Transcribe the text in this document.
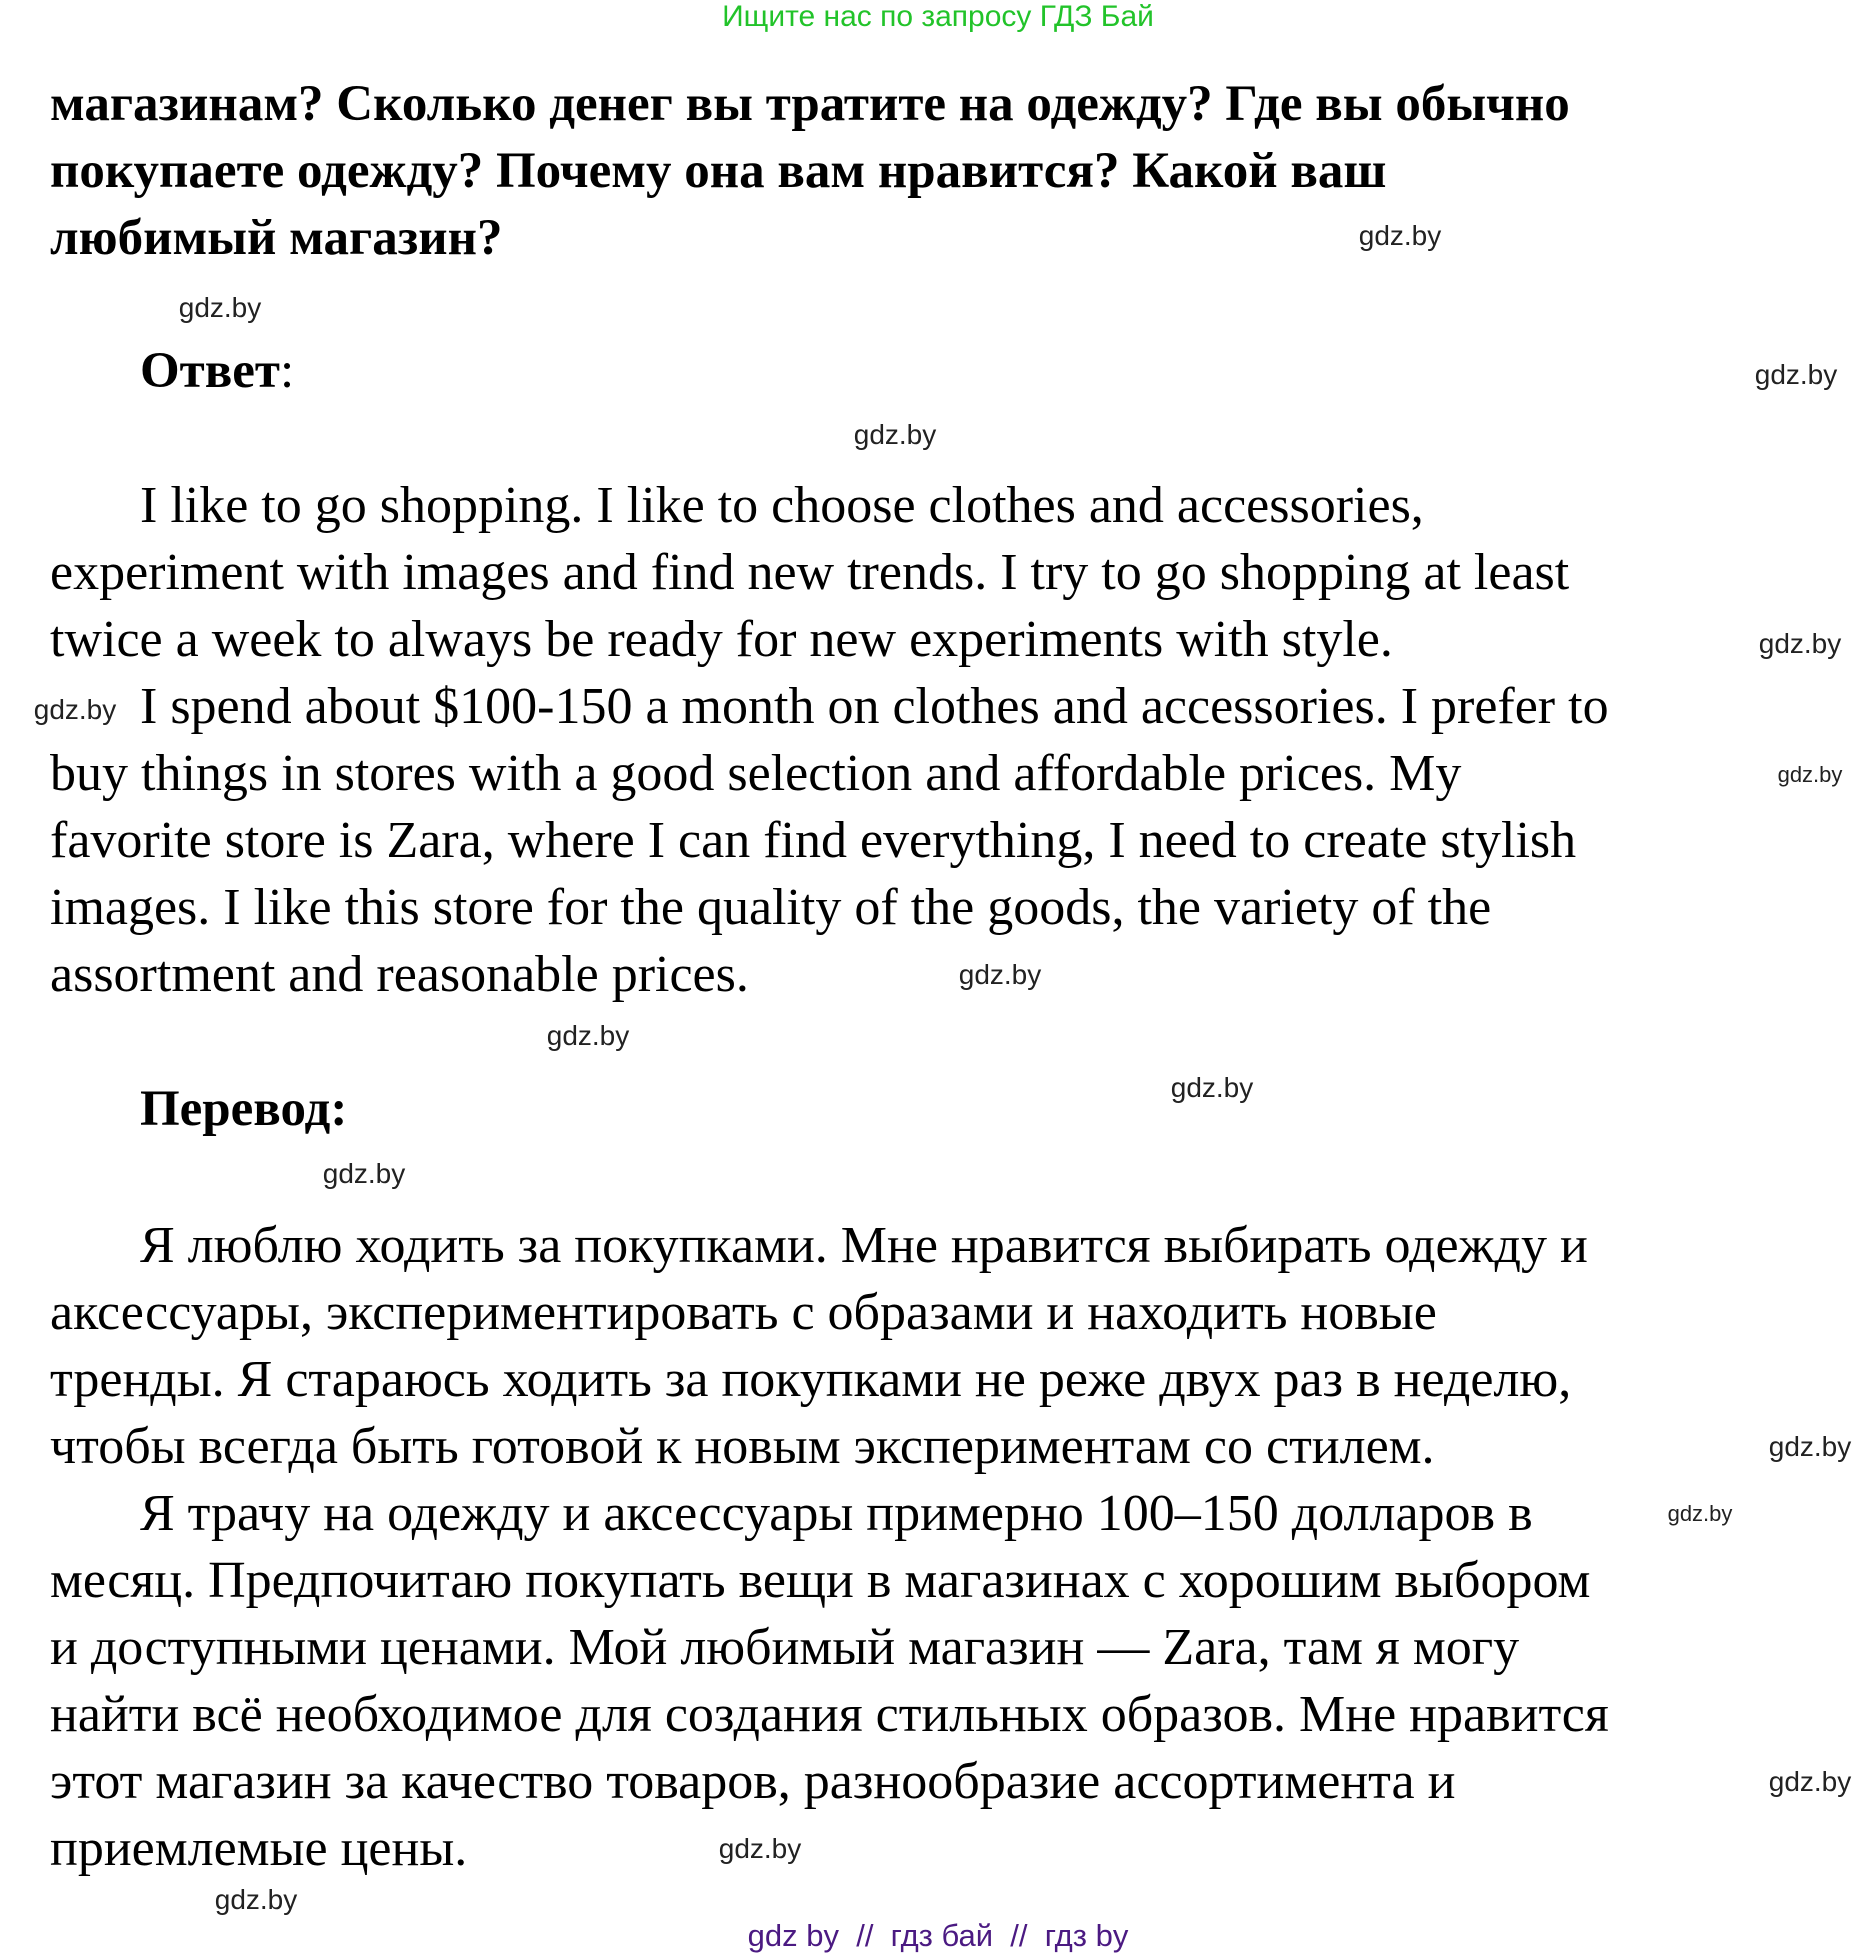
Ищите нас по запросу ГДЗ Бай
магазинам? Сколько денег вы тратите на одежду? Где вы обычно
покупаете одежду? Почему она вам нравится? Какой ваш
любимый магазин?
Ответ:
I like to go shopping. I like to choose clothes and accessories,
experiment with images and find new trends. I try to go shopping at least
twice a week to always be ready for new experiments with style.
I spend about $100-150 a month on clothes and accessories. I prefer to
buy things in stores with a good selection and affordable prices. My
favorite store is Zara, where I can find everything, I need to create stylish
images. I like this store for the quality of the goods, the variety of the
assortment and reasonable prices.
Перевод:
Я люблю ходить за покупками. Мне нравится выбирать одежду и
аксессуары, экспериментировать с образами и находить новые
тренды. Я стараюсь ходить за покупками не реже двух раз в неделю,
чтобы всегда быть готовой к новым экспериментам со стилем.
Я трачу на одежду и аксессуары примерно 100–150 долларов в
месяц. Предпочитаю покупать вещи в магазинах с хорошим выбором
и доступными ценами. Мой любимый магазин — Zara, там я могу
найти всё необходимое для создания стильных образов. Мне нравится
этот магазин за качество товаров, разнообразие ассортимента и
приемлемые цены.
gdz.by
gdz.by
gdz.by
gdz.by
gdz.by
gdz.by
gdz.by
gdz.by
gdz.by
gdz.by
gdz.by
gdz.by
gdz.by
gdz.by
gdz.by
gdz.by
gdz by  //  гдз бай  //  гдз by
